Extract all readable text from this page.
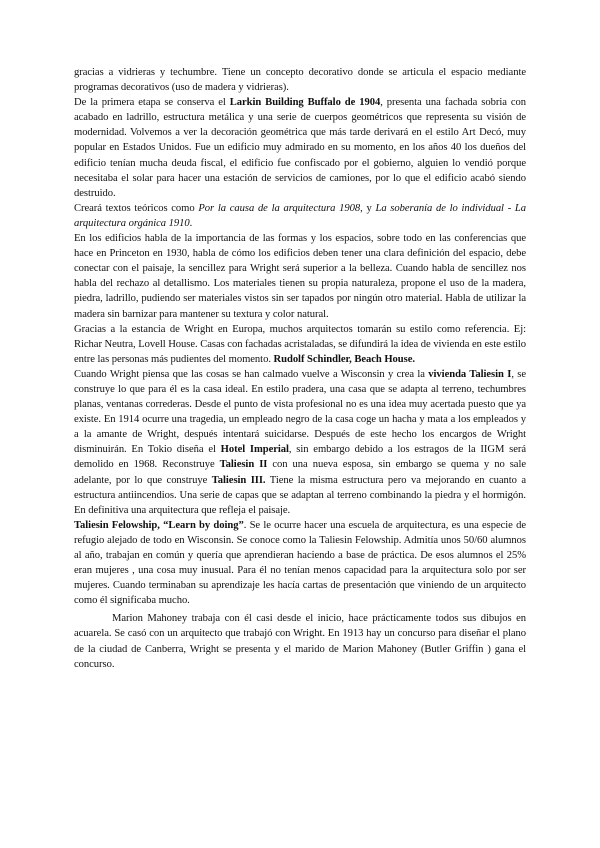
gracias a vidrieras y techumbre. Tiene un concepto decorativo donde se articula el espacio mediante programas decorativos (uso de madera y vidrieras).

De la primera etapa se conserva el Larkin Building Buffalo de 1904, presenta una fachada sobria con acabado en ladrillo, estructura metálica y una serie de cuerpos geométricos que representa su visión de modernidad. Volvemos a ver la decoración geométrica que más tarde derivará en el estilo Art Decó, muy popular en Estados Unidos. Fue un edificio muy admirado en su momento, en los años 40 los dueños del edificio tenían mucha deuda fiscal, el edificio fue confiscado por el gobierno, alguien lo vendió porque necesitaba el solar para hacer una estación de servicios de camiones, por lo que el edificio acabó siendo destruido.

Creará textos teóricos como Por la causa de la arquitectura 1908, y La soberanía de lo individual - La arquitectura orgánica 1910.

En los edificios habla de la importancia de las formas y los espacios, sobre todo en las conferencias que hace en Princeton en 1930, habla de cómo los edificios deben tener una clara definición del espacio, debe conectar con el paisaje, la sencillez para Wright será superior a la belleza. Cuando habla de sencillez nos habla del rechazo al detallismo. Los materiales tienen su propia naturaleza, propone el uso de la madera, piedra, ladrillo, pudiendo ser materiales vistos sin ser tapados por ningún otro material. Habla de utilizar la madera sin barnizar para mantener su textura y color natural.

Gracias a la estancia de Wright en Europa, muchos arquitectos tomarán su estilo como referencia. Ej: Richar Neutra, Lovell House. Casas con fachadas acristaladas, se difundirá la idea de vivienda en este estilo entre las personas más pudientes del momento. Rudolf Schindler, Beach House.

Cuando Wright piensa que las cosas se han calmado vuelve a Wisconsin y crea la vivienda Taliesin I, se construye lo que para él es la casa ideal. En estilo pradera, una casa que se adapta al terreno, techumbres planas, ventanas correderas. Desde el punto de vista profesional no es una idea muy acertada puesto que ya existe. En 1914 ocurre una tragedia, un empleado negro de la casa coge un hacha y mata a los empleados y a la amante de Wright, después intentará suicidarse. Después de este hecho los encargos de Wright disminuirán. En Tokio diseña el Hotel Imperial, sin embargo debido a los estragos de la IIGM será demolido en 1968. Reconstruye Taliesin II con una nueva esposa, sin embargo se quema y no sale adelante, por lo que construye Taliesin III. Tiene la misma estructura pero va mejorando en cuanto a estructura antiincendios. Una serie de capas que se adaptan al terreno combinando la piedra y el hormigón. En definitiva una arquitectura que refleja el paisaje.

Taliesin Felowship, “Learn by doing”. Se le ocurre hacer una escuela de arquitectura, es una especie de refugio alejado de todo en Wisconsin. Se conoce como la Taliesin Felowship. Admitía unos 50/60 alumnos al año, trabajan en común y quería que aprendieran haciendo a base de práctica. De esos alumnos el 25% eran mujeres , una cosa muy inusual. Para él no tenían menos capacidad para la arquitectura solo por ser mujeres. Cuando terminaban su aprendizaje les hacía cartas de presentación que viniendo de un arquitecto como él significaba mucho.

Marion Mahoney trabaja con él casi desde el inicio, hace prácticamente todos sus dibujos en acuarela. Se casó con un arquitecto que trabajó con Wright. En 1913 hay un concurso para diseñar el plano de la ciudad de Canberra, Wright se presenta y el marido de Marion Mahoney (Butler Griffin ) gana el concurso.
